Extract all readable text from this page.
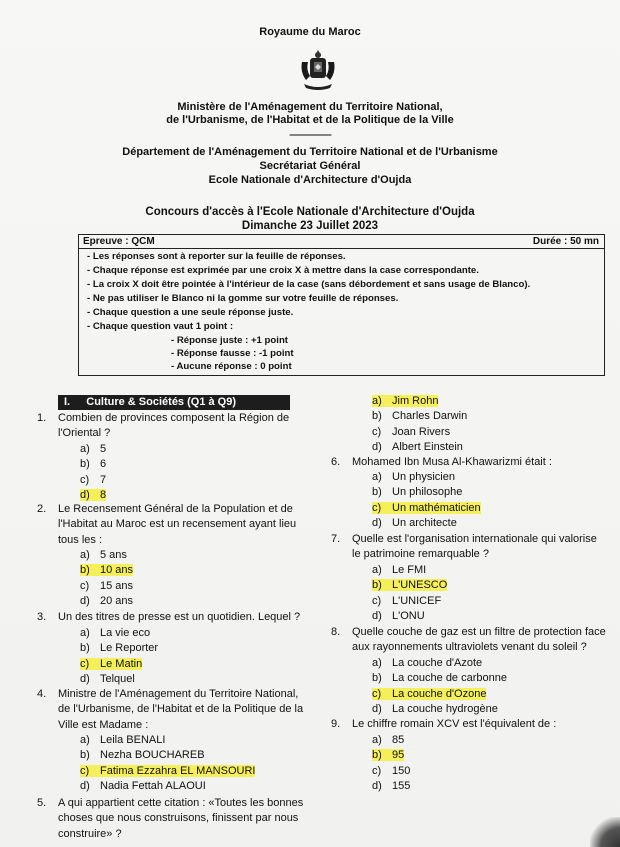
Royaume du Maroc
Ministère de l'Aménagement du Territoire National,
de l'Urbanisme, de l'Habitat et de la Politique de la Ville
-------------------------
Département de l'Aménagement du Territoire National et de l'Urbanisme
Secrétariat Général
Ecole Nationale d'Architecture d'Oujda
Concours d'accès à l'Ecole Nationale d'Architecture d'Oujda
Dimanche 23 Juillet 2023
Epreuve : QCM	Durée : 50 mn
- Les réponses sont à reporter sur la feuille de réponses.
- Chaque réponse est exprimée par une croix X à mettre dans la case correspondante.
- La croix X doit être pointée à l'intérieur de la case (sans débordement et sans usage de Blanco).
- Ne pas utiliser le Blanco ni la gomme sur votre feuille de réponses.
- Chaque question a une seule réponse juste.
- Chaque question vaut 1 point :
- Réponse juste : +1 point
- Réponse fausse : -1 point
- Aucune réponse : 0 point
I. Culture & Sociétés (Q1 à Q9)
1. Combien de provinces composent la Région de
l'Oriental ?
a) 5
b) 6
c) 7
d) 8
2. Le Recensement Général de la Population et de
l'Habitat au Maroc est un recensement ayant lieu
tous les :
a) 5 ans
b) 10 ans
c) 15 ans
d) 20 ans
3. Un des titres de presse est un quotidien. Lequel ?
a) La vie eco
b) Le Reporter
c) Le Matin
d) Telquel
4. Ministre de l'Aménagement du Territoire National,
de l'Urbanisme, de l'Habitat et de la Politique de la
Ville est Madame :
a) Leila BENALI
b) Nezha BOUCHAREB
c) Fatima Ezzahra EL MANSOURI
d) Nadia Fettah ALAOUI
5. A qui appartient cette citation : «Toutes les bonnes
choses que nous construisons, finissent par nous
construire» ?
a) Jim Rohn
b) Charles Darwin
c) Joan Rivers
d) Albert Einstein
6. Mohamed Ibn Musa Al-Khawarizmi était :
a) Un physicien
b) Un philosophe
c) Un mathématicien
d) Un architecte
7. Quelle est l'organisation internationale qui valorise
le patrimoine remarquable ?
a) Le FMI
b) L'UNESCO
c) L'UNICEF
d) L'ONU
8. Quelle couche de gaz est un filtre de protection face
aux rayonnements ultraviolets venant du soleil ?
a) La couche d'Azote
b) La couche de carbonne
c) La couche d'Ozone
d) La couche hydrogène
9. Le chiffre romain XCV est l'équivalent de :
a) 85
b) 95
c) 150
d) 155
